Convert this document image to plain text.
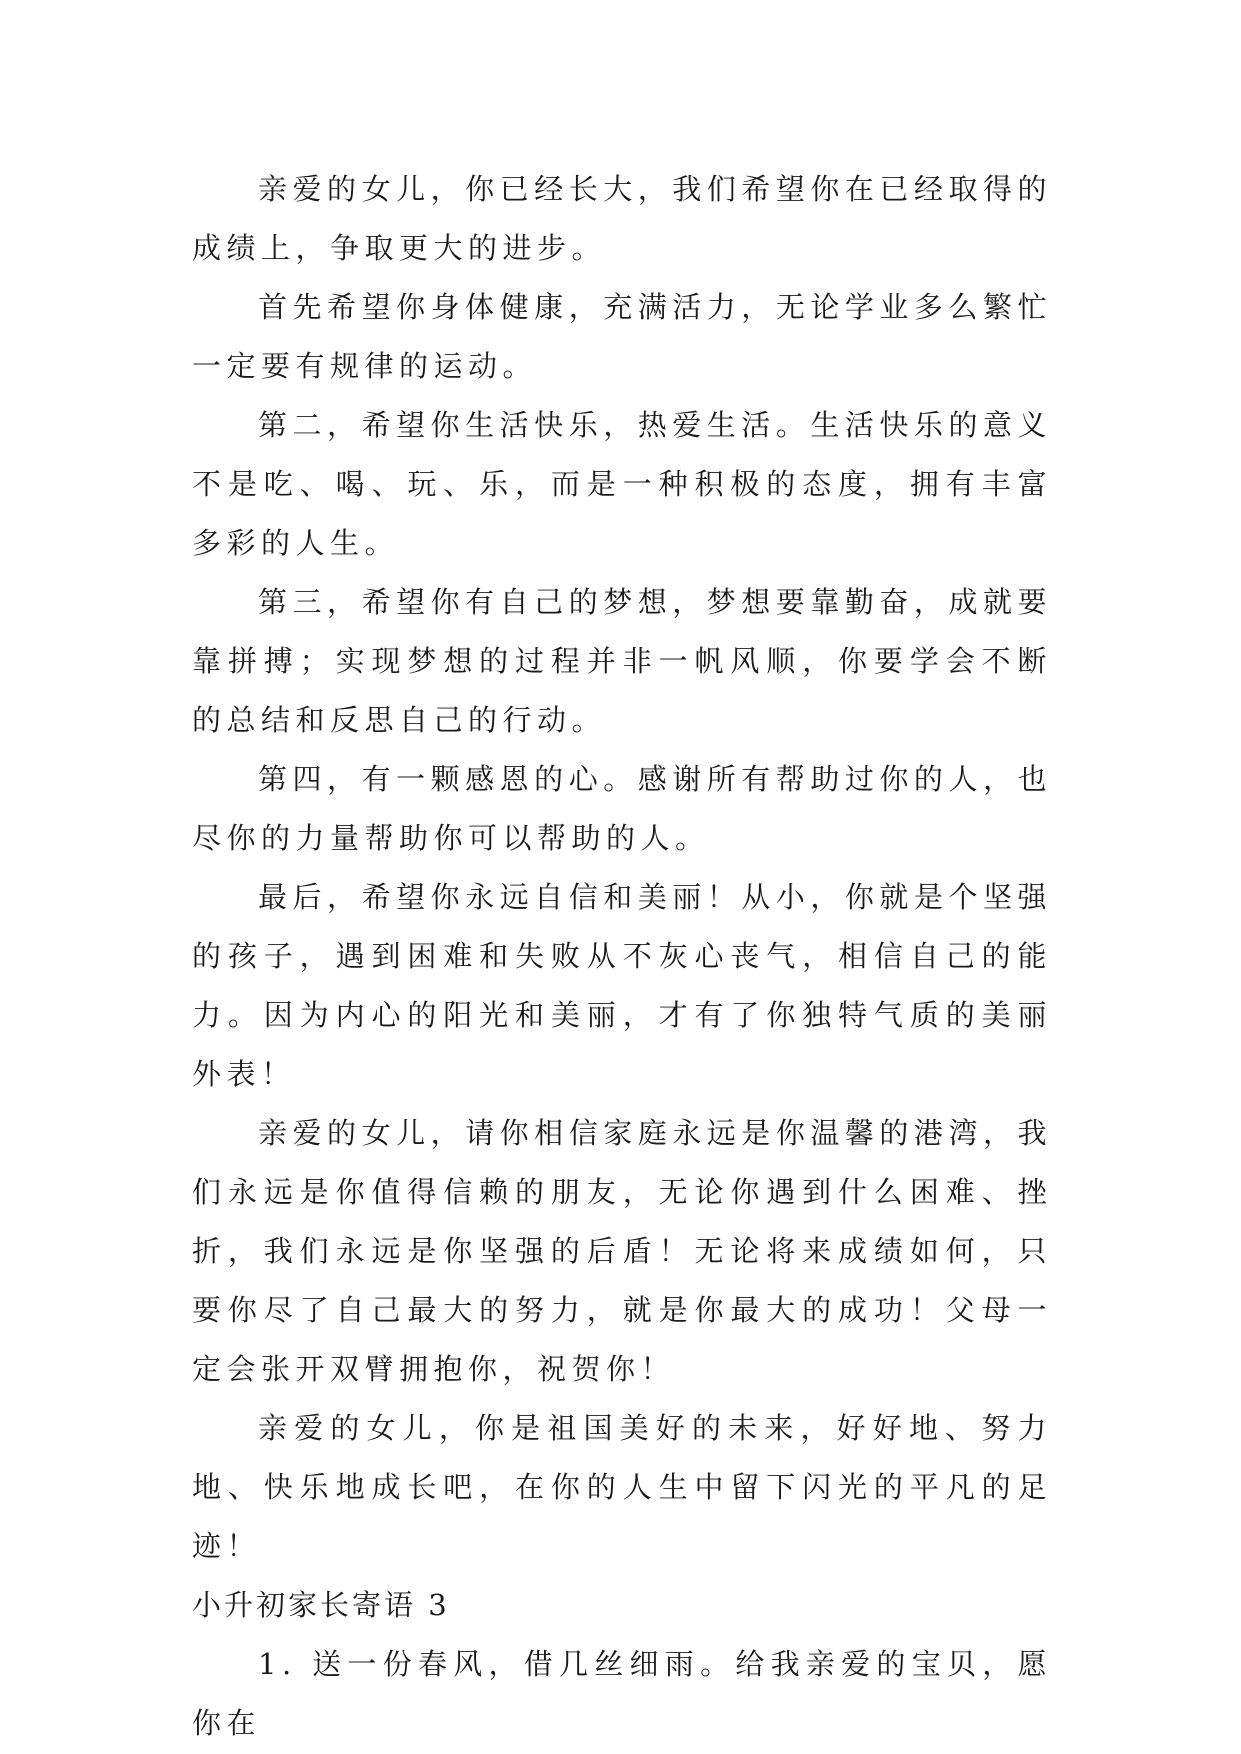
亲爱的女儿，你已经长大，我们希望你在已经取得的成绩上，争取更大的进步。

首先希望你身体健康，充满活力，无论学业多么繁忙一定要有规律的运动。

第二，希望你生活快乐，热爱生活。生活快乐的意义不是吃、喝、玩、乐，而是一种积极的态度，拥有丰富多彩的人生。

第三，希望你有自己的梦想，梦想要靠勤奋，成就要靠拼搏；实现梦想的过程并非一帆风顺，你要学会不断的总结和反思自己的行动。

第四，有一颗感恩的心。感谢所有帮助过你的人，也尽你的力量帮助你可以帮助的人。

最后，希望你永远自信和美丽！从小，你就是个坚强的孩子，遇到困难和失败从不灰心丧气，相信自己的能力。因为内心的阳光和美丽，才有了你独特气质的美丽外表！

亲爱的女儿，请你相信家庭永远是你温馨的港湾，我们永远是你值得信赖的朋友，无论你遇到什么困难、挫折，我们永远是你坚强的后盾！无论将来成绩如何，只要你尽了自己最大的努力，就是你最大的成功！父母一定会张开双臂拥抱你，祝贺你！

亲爱的女儿，你是祖国美好的未来，好好地、努力地、快乐地成长吧，在你的人生中留下闪光的平凡的足迹！

小升初家长寄语 3

1. 送一份春风，借几丝细雨。给我亲爱的宝贝，愿你在
